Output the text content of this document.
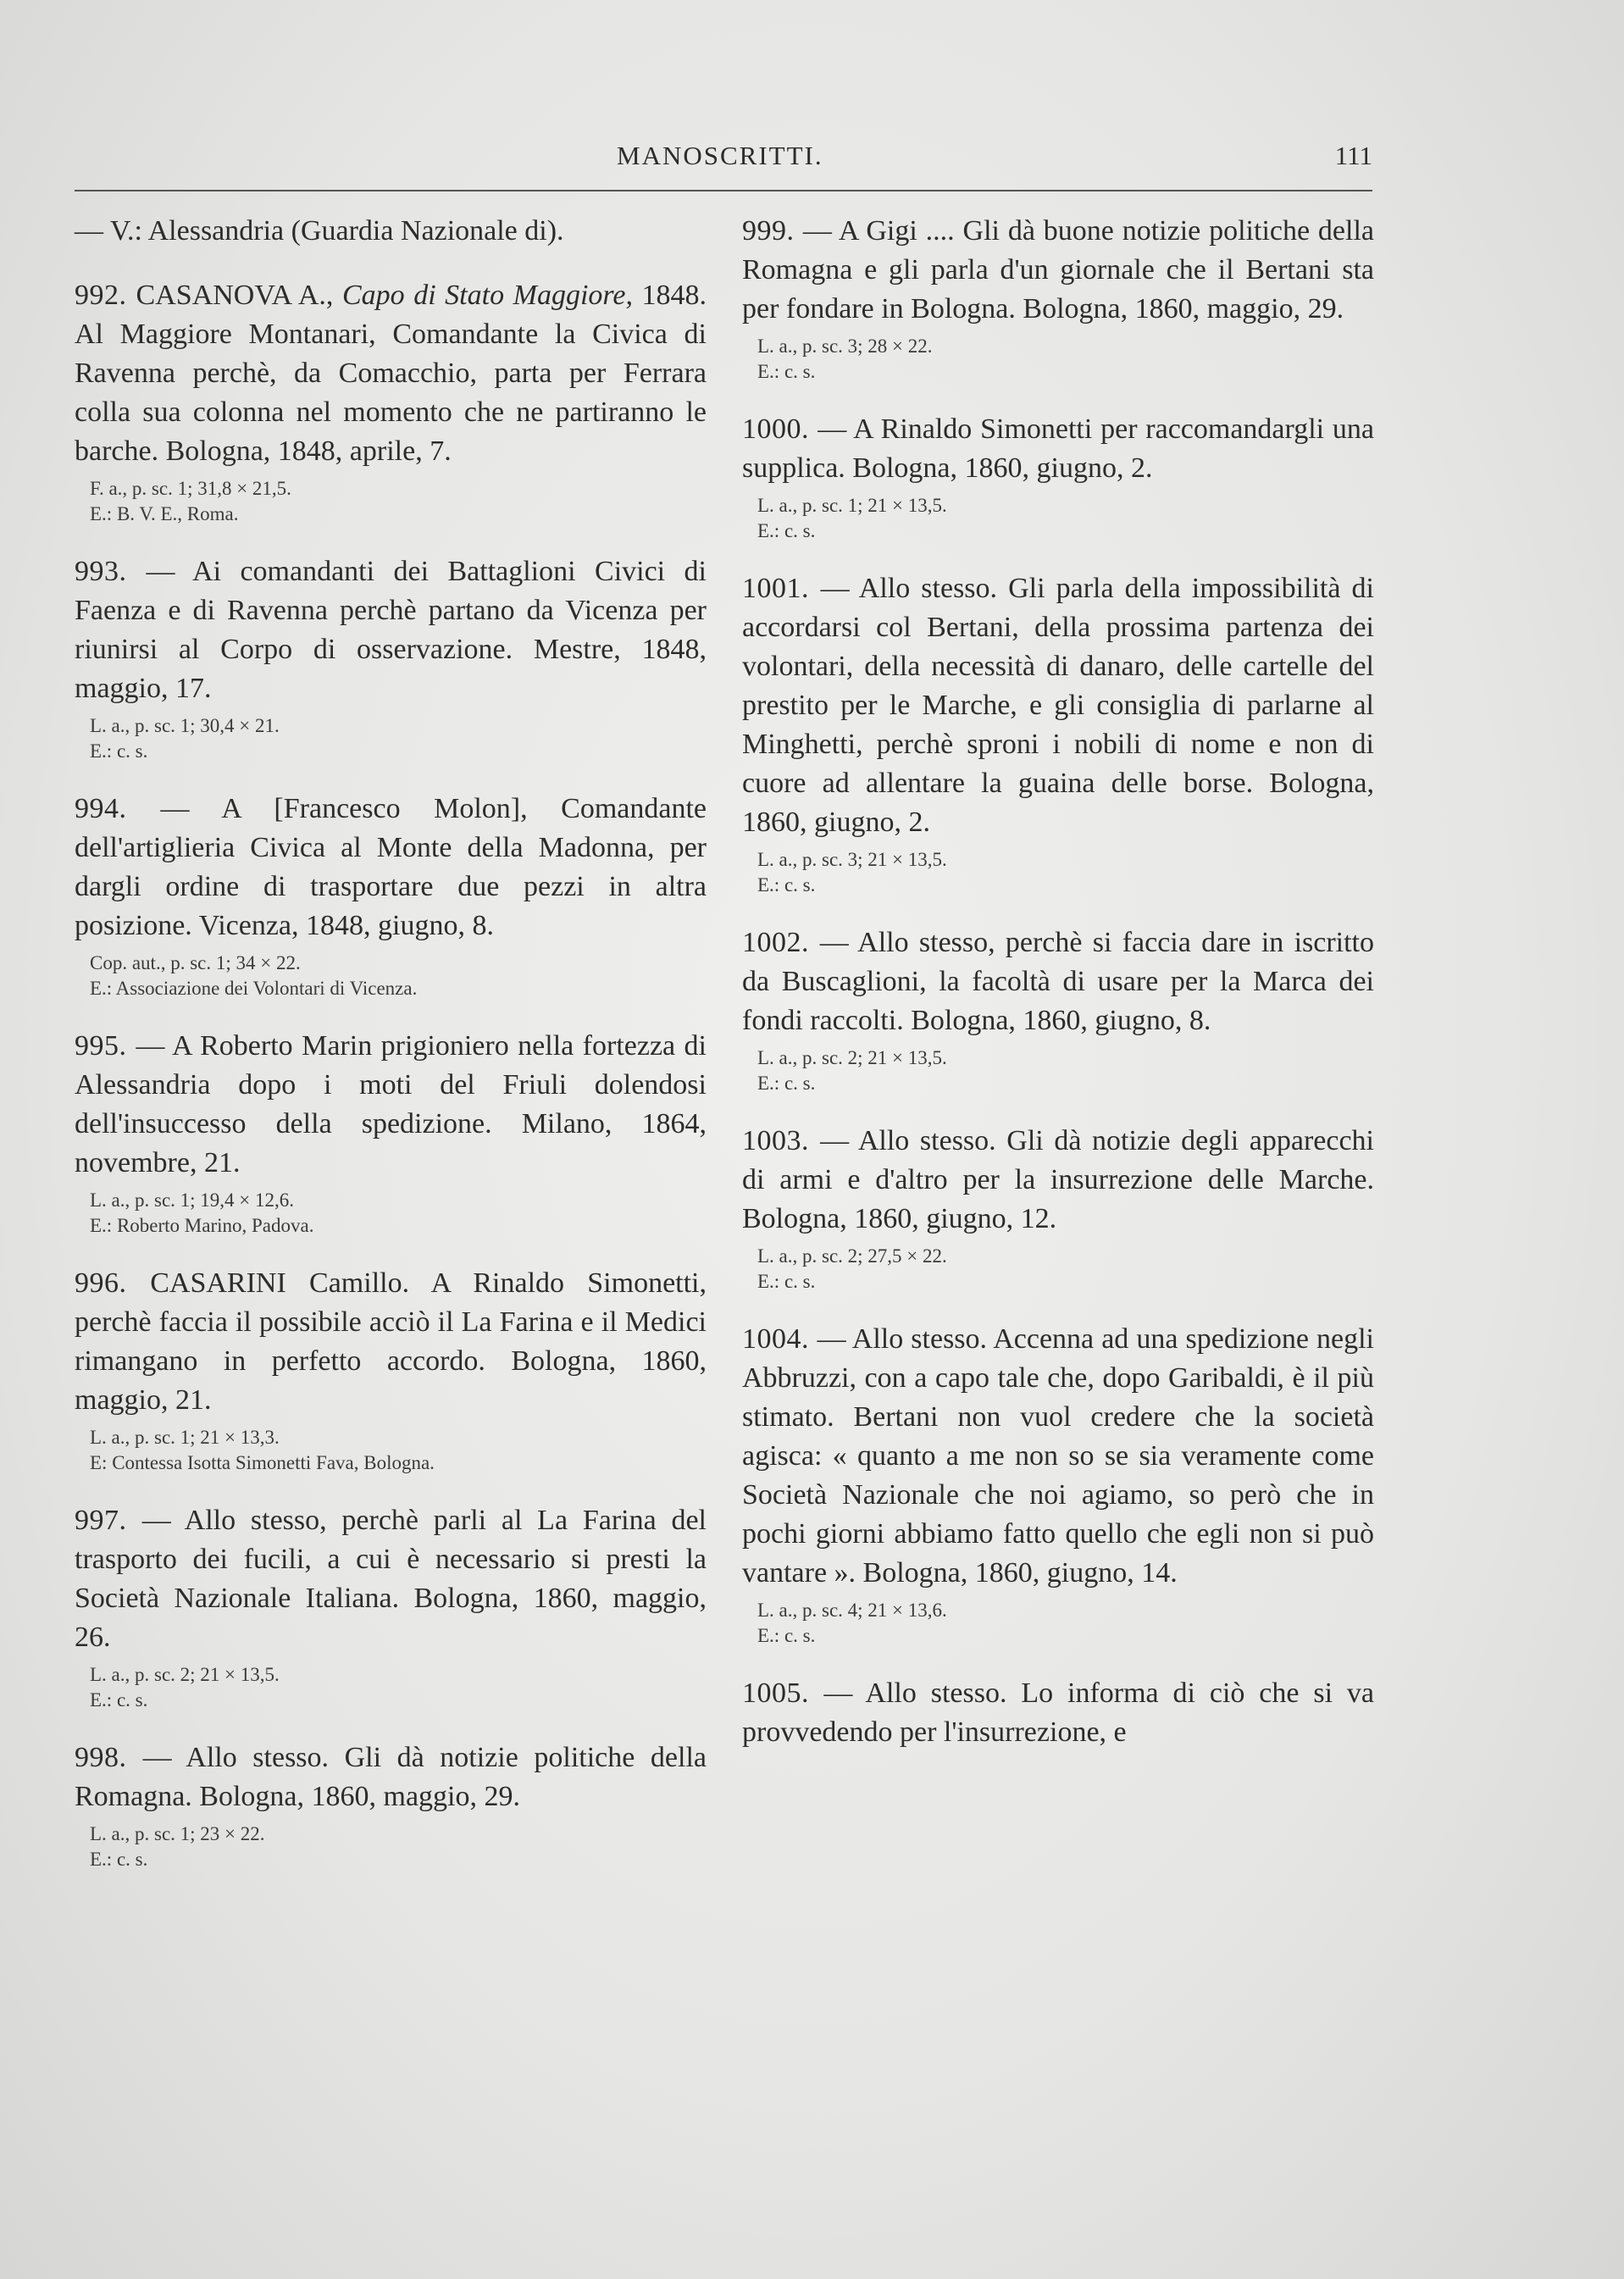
MANOSCRITTI.	111

— V.: Alessandria (Guardia Nazionale di).

992. CASANOVA A., Capo di Stato Maggiore, 1848. Al Maggiore Montanari, Comandante la Civica di Ravenna perchè, da Comacchio, parta per Ferrara colla sua colonna nel momento che ne partiranno le barche. Bologna, 1848, aprile, 7.

F. a., p. sc. 1; 31,8 × 21,5.
E.: B. V. E., Roma.

993. — Ai comandanti dei Battaglioni Civici di Faenza e di Ravenna perchè partano da Vicenza per riunirsi al Corpo di osservazione. Mestre, 1848, maggio, 17.

L. a., p. sc. 1; 30,4 × 21.
E.: c. s.

994. — A [Francesco Molon], Comandante dell'artiglieria Civica al Monte della Madonna, per dargli ordine di trasportare due pezzi in altra posizione. Vicenza, 1848, giugno, 8.

Cop. aut., p. sc. 1; 34 × 22.
E.: Associazione dei Volontari di Vicenza.

995. — A Roberto Marin prigioniero nella fortezza di Alessandria dopo i moti del Friuli dolendosi dell'insuccesso della spedizione. Milano, 1864, novembre, 21.

L. a., p. sc. 1; 19,4 × 12,6.
E.: Roberto Marino, Padova.

996. CASARINI Camillo. A Rinaldo Simonetti, perchè faccia il possibile acciò il La Farina e il Medici rimangano in perfetto accordo. Bologna, 1860, maggio, 21.

L. a., p. sc. 1; 21 × 13,3.
E: Contessa Isotta Simonetti Fava, Bologna.

997. — Allo stesso, perchè parli al La Farina del trasporto dei fucili, a cui è necessario si presti la Società Nazionale Italiana. Bologna, 1860, maggio, 26.

L. a., p. sc. 2; 21 × 13,5.
E.: c. s.

998. — Allo stesso. Gli dà notizie politiche della Romagna. Bologna, 1860, maggio, 29.

L. a., p. sc. 1; 23 × 22.
E.: c. s.

999. — A Gigi .... Gli dà buone notizie politiche della Romagna e gli parla d'un giornale che il Bertani sta per fondare in Bologna. Bologna, 1860, maggio, 29.

L. a., p. sc. 3; 28 × 22.
E.: c. s.

1000. — A Rinaldo Simonetti per raccomandargli una supplica. Bologna, 1860, giugno, 2.

L. a., p. sc. 1; 21 × 13,5.
E.: c. s.

1001. — Allo stesso. Gli parla della impossibilità di accordarsi col Bertani, della prossima partenza dei volontari, della necessità di danaro, delle cartelle del prestito per le Marche, e gli consiglia di parlarne al Minghetti, perchè sproni i nobili di nome e non di cuore ad allentare la guaina delle borse. Bologna, 1860, giugno, 2.

L. a., p. sc. 3; 21 × 13,5.
E.: c. s.

1002. — Allo stesso, perchè si faccia dare in iscritto da Buscaglioni, la facoltà di usare per la Marca dei fondi raccolti. Bologna, 1860, giugno, 8.

L. a., p. sc. 2; 21 × 13,5.
E.: c. s.

1003. — Allo stesso. Gli dà notizie degli apparecchi di armi e d'altro per la insurrezione delle Marche. Bologna, 1860, giugno, 12.

L. a., p. sc. 2; 27,5 × 22.
E.: c. s.

1004. — Allo stesso. Accenna ad una spedizione negli Abbruzzi, con a capo tale che, dopo Garibaldi, è il più stimato. Bertani non vuol credere che la società agisca: « quanto a me non so se sia veramente come Società Nazionale che noi agiamo, so però che in pochi giorni abbiamo fatto quello che egli non si può vantare ». Bologna, 1860, giugno, 14.

L. a., p. sc. 4; 21 × 13,6.
E.: c. s.

1005. — Allo stesso. Lo informa di ciò che si va provvedendo per l'insurrezione, e
